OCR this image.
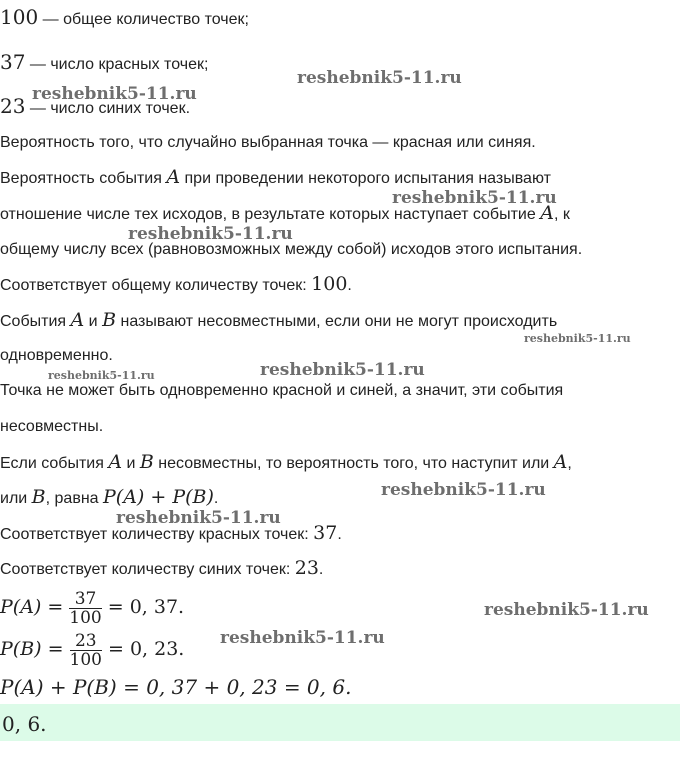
100 — общее количество точек;

37 — число красных точек;

23 — число синих точек.

Вероятность того, что случайно выбранная точка — красная или синяя.

Вероятность события A при проведении некоторого испытания называют

отношение числе тех исходов, в результате которых наступает событие A, к

общему числу всех (равновозможных между собой) исходов этого испытания.

Соответствует общему количеству точек: 100.

События A и B называют несовместными, если они не могут происходить

одновременно.

Точка не может быть одновременно красной и синей, а значит, эти события

несовместны.

Если события A и B несовместны, то вероятность того, что наступит или A,

или B, равна P(A) + P(B).

Соответствует количеству красных точек: 37.

Соответствует количеству синих точек: 23.

$P(A) = \frac{37}{100} = 0$, 37.

$P(B) = \frac{23}{100} = 0$, 23.

P(A) + P(B) = 0, 37 + 0, 23 = 0, 6.

0, 6.
reshebnik5-11.ru
reshebnik5-11.ru
reshebnik5-11.ru
reshebnik5-11.ru
reshebnik5-11.ru
reshebnik5-11.ru	reshebnik5-11.ru
reshebnik5-11.ru
reshebnik5-11.ru
reshebnik5-11.ru
reshebnik5-11.ru
